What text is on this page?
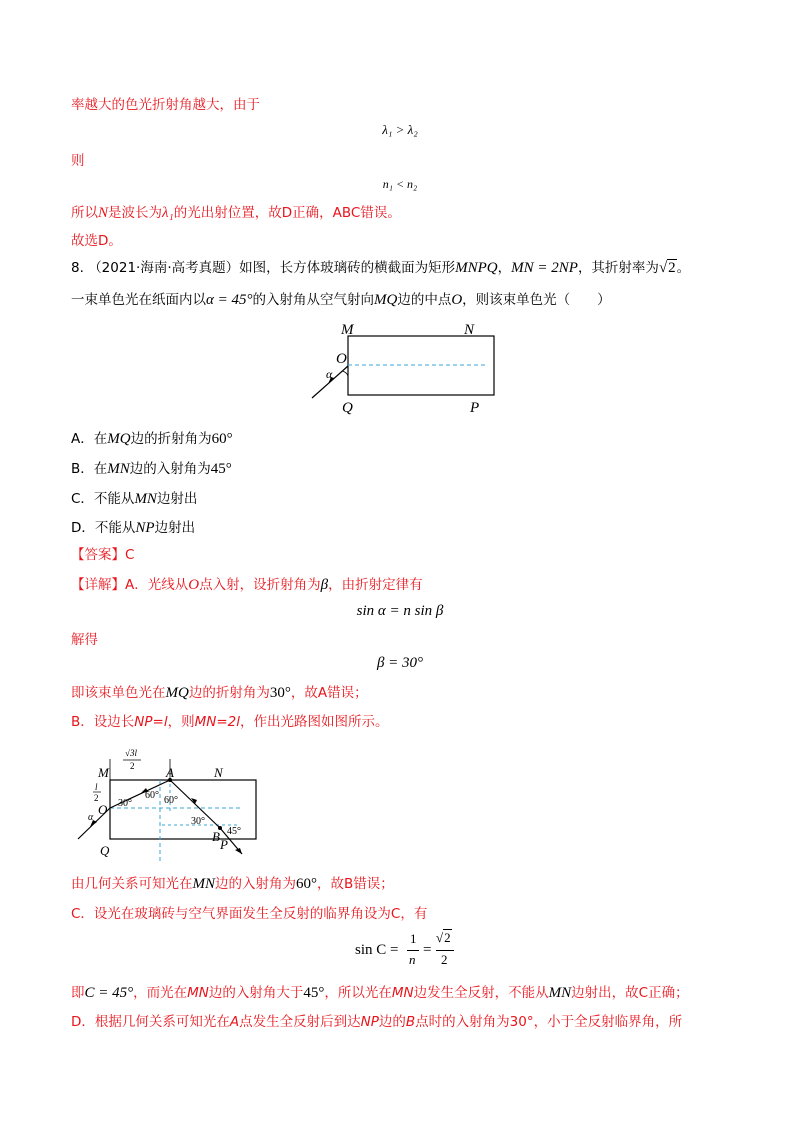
率越大的色光折射角越大，由于
λ₁ > λ₂
则
n₁ < n₂
所以N是波长为λ₁的光出射位置，故D正确，ABC错误。
故选D。
8. （2021·海南·高考真题）如图，长方体玻璃砖的横截面为矩形MNPQ，MN = 2NP，其折射率为√2。
一束单色光在纸面内以α = 45°的入射角从空气射向MQ边的中点O，则该束单色光（　　）
M	N
O
α
Q	P
A．在MQ边的折射角为60°
B．在MN边的入射角为45°
C．不能从MN边射出
D．不能从NP边射出
【答案】C
【详解】A．光线从O点入射，设折射角为β，由折射定律有
sin α = n sin β
解得
β = 30°
即该束单色光在MQ边的折射角为30°，故A错误；
B．设边长NP=l，则MN=2l，作出光路图如图所示。
M	N
A
O
Q
B
P
√3l
2
l
2 30°
60° 60°
30°
45°
α
由几何关系可知光在MN边的入射角为60°，故B错误；
C．设光在玻璃砖与空气界面发生全反射的临界角设为C，有
sin C =
1
n
=
√2
2
即C = 45°，而光在MN边的入射角大于45°，所以光在MN边发生全反射，不能从MN边射出，故C正确；
D．根据几何关系可知光在A点发生全反射后到达NP边的B点时的入射角为30°，小于全反射临界角，所
